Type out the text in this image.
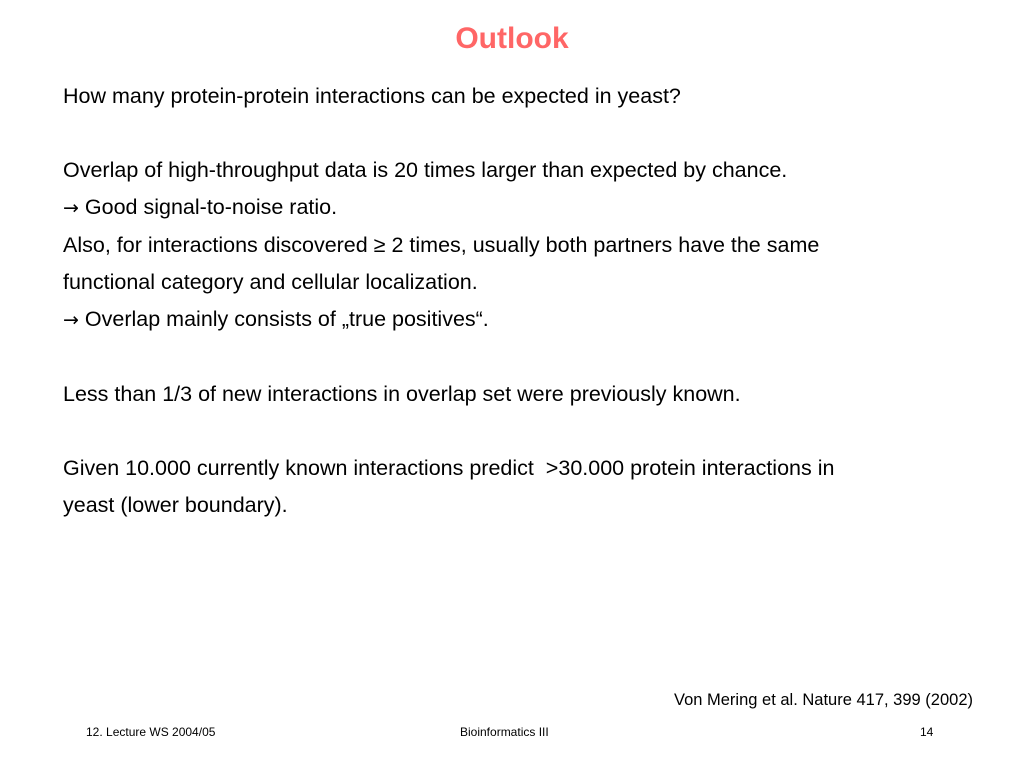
Outlook
How many protein-protein interactions can be expected in yeast?
Overlap of high-throughput data is 20 times larger than expected by chance.
→ Good signal-to-noise ratio.
Also, for interactions discovered ≥ 2 times, usually both partners have the same
functional category and cellular localization.
→ Overlap mainly consists of „true positives“.
Less than 1/3 of new interactions in overlap set were previously known.
Given 10.000 currently known interactions predict  >30.000 protein interactions in
yeast (lower boundary).
Von Mering et al. Nature 417, 399 (2002)
12. Lecture WS 2004/05	Bioinformatics III	14
